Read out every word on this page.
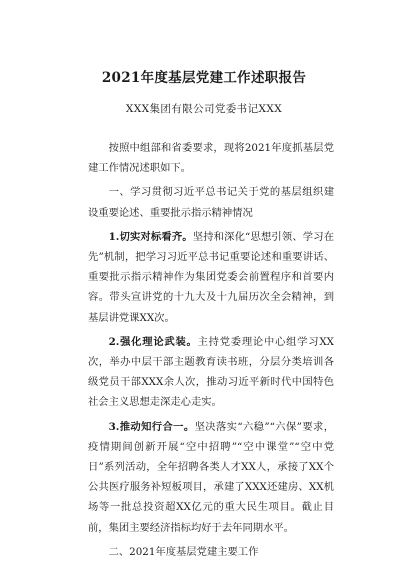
2021年度基层党建工作述职报告
XXX集团有限公司党委书记XXX

按照中组部和省委要求，现将2021年度抓基层党建工作情况述职如下。

一、学习贯彻习近平总书记关于党的基层组织建设重要论述、重要批示指示精神情况

1.切实对标看齐。坚持和深化“思想引领、学习在先”机制，把学习习近平总书记重要论述和重要讲话、重要批示指示精神作为集团党委会前置程序和首要内容。带头宣讲党的十九大及十九届历次全会精神，到基层讲党课XX次。

2.强化理论武装。主持党委理论中心组学习XX次，举办中层干部主题教育读书班，分层分类培训各级党员干部XXX余人次，推动习近平新时代中国特色社会主义思想走深走心走实。

3.推动知行合一。坚决落实“六稳”“六保”要求，疫情期间创新开展“空中招聘”“空中课堂”“空中党日”系列活动，全年招聘各类人才XX人，承接了XX个公共医疗服务补短板项目，承建了XXX还建房、XX机场等一批总投资超XX亿元的重大民生项目。截止目前，集团主要经济指标均好于去年同期水平。

二、2021年度基层党建主要工作
